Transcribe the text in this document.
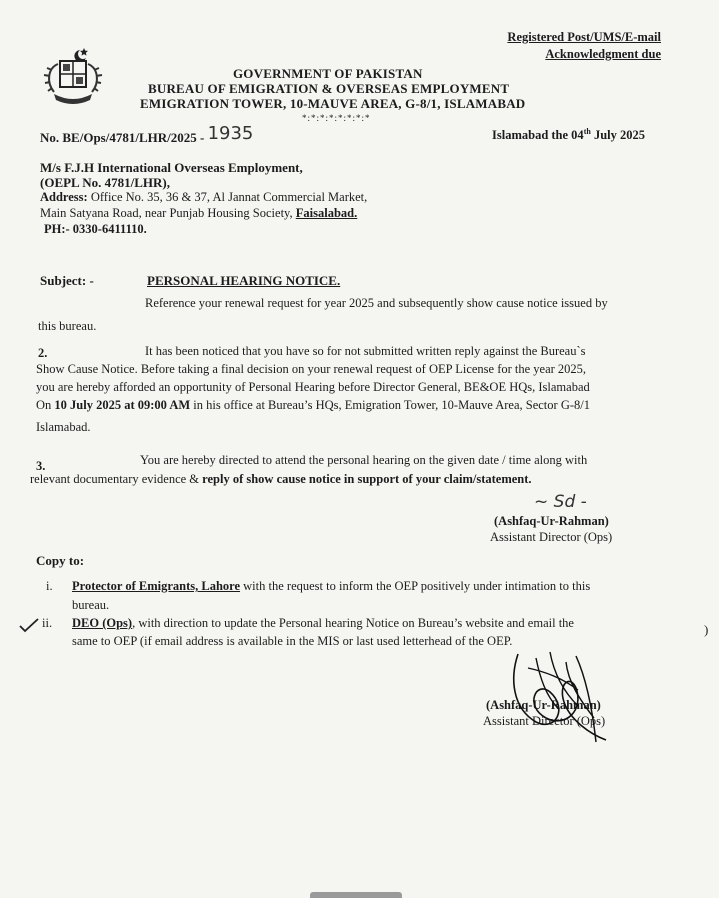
Registered Post/UMS/E-mail
Acknowledgment due
GOVERNMENT OF PAKISTAN
BUREAU OF EMIGRATION & OVERSEAS EMPLOYMENT
EMIGRATION TOWER, 10-MAUVE AREA, G-8/1, ISLAMABAD
*:*:*:*:*:*:*:*
No. BE/Ops/4781/LHR/2025 - 1935	Islamabad the 04th July 2025
M/s F.J.H International Overseas Employment,
(OEPL No. 4781/LHR),
Address: Office No. 35, 36 & 37, Al Jannat Commercial Market,
Main Satyana Road, near Punjab Housing Society, Faisalabad.
PH:- 0330-6411110.
Subject: -	PERSONAL HEARING NOTICE.
Reference your renewal request for year 2025 and subsequently show cause notice issued by
this bureau.
2.	It has been noticed that you have so for not submitted written reply against the Bureau`s
Show Cause Notice. Before taking a final decision on your renewal request of OEP License for the year 2025,
you are hereby afforded an opportunity of Personal Hearing before Director General, BE&OE HQs, Islamabad
On 10 July 2025 at 09:00 AM in his office at Bureau’s HQs, Emigration Tower, 10-Mauve Area, Sector G-8/1
Islamabad.
3.	You are hereby directed to attend the personal hearing on the given date / time along with
relevant documentary evidence & reply of show cause notice in support of your claim/statement.
~ Sd -
(Ashfaq-Ur-Rahman)
Assistant Director (Ops)
Copy to:
i. Protector of Emigrants, Lahore with the request to inform the OEP positively under intimation to this
bureau.
ii. DEO (Ops), with direction to update the Personal hearing Notice on Bureau’s website and email the
same to OEP (if email address is available in the MIS or last used letterhead of the OEP.
)
(Ashfaq-Ur-Rahman)
Assistant Director (Ops)
